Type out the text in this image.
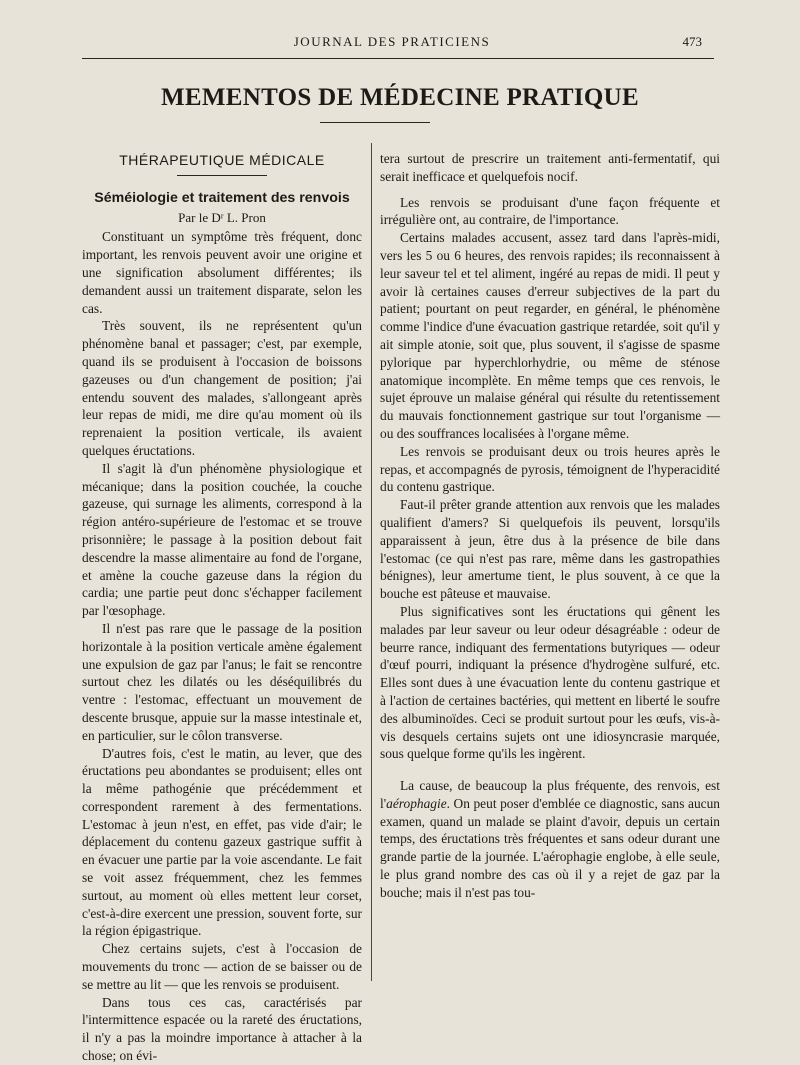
JOURNAL DES PRATICIENS	473
MEMENTOS DE MÉDECINE PRATIQUE
THÉRAPEUTIQUE MÉDICALE
Séméiologie et traitement des renvois
Par le Dʳ L. Pron

Constituant un symptôme très fréquent, donc important, les renvois peuvent avoir une origine et une signification absolument différentes; ils demandent aussi un traitement disparate, selon les cas.

Très souvent, ils ne représentent qu'un phénomène banal et passager; c'est, par exemple, quand ils se produisent à l'occasion de boissons gazeuses ou d'un changement de position; j'ai entendu souvent des malades, s'allongeant après leur repas de midi, me dire qu'au moment où ils reprenaient la position verticale, ils avaient quelques éructations.

Il s'agit là d'un phénomène physiologique et mécanique; dans la position couchée, la couche gazeuse, qui surnage les aliments, correspond à la région antéro-supérieure de l'estomac et se trouve prisonnière; le passage à la position debout fait descendre la masse alimentaire au fond de l'organe, et amène la couche gazeuse dans la région du cardia; une partie peut donc s'échapper facilement par l'œsophage.

Il n'est pas rare que le passage de la position horizontale à la position verticale amène également une expulsion de gaz par l'anus; le fait se rencontre surtout chez les dilatés ou les déséquilibrés du ventre : l'estomac, effectuant un mouvement de descente brusque, appuie sur la masse intestinale et, en particulier, sur le côlon transverse.

D'autres fois, c'est le matin, au lever, que des éructations peu abondantes se produisent; elles ont la même pathogénie que précédemment et correspondent rarement à des fermentations. L'estomac à jeun n'est, en effet, pas vide d'air; le déplacement du contenu gazeux gastrique suffit à en évacuer une partie par la voie ascendante. Le fait se voit assez fréquemment, chez les femmes surtout, au moment où elles mettent leur corset, c'est-à-dire exercent une pression, souvent forte, sur la région épigastrique.

Chez certains sujets, c'est à l'occasion de mouvements du tronc — action de se baisser ou de se mettre au lit — que les renvois se produisent.

Dans tous ces cas, caractérisés par l'intermittence espacée ou la rareté des éructations, il n'y a pas la moindre importance à attacher à la chose; on évi-

tera surtout de prescrire un traitement anti-fermentatif, qui serait inefficace et quelquefois nocif.

Les renvois se produisant d'une façon fréquente et irrégulière ont, au contraire, de l'importance.

Certains malades accusent, assez tard dans l'après-midi, vers les 5 ou 6 heures, des renvois rapides; ils reconnaissent à leur saveur tel et tel aliment, ingéré au repas de midi. Il peut y avoir là certaines causes d'erreur subjectives de la part du patient; pourtant on peut regarder, en général, le phénomène comme l'indice d'une évacuation gastrique retardée, soit qu'il y ait simple atonie, soit que, plus souvent, il s'agisse de spasme pylorique par hyperchlorhydrie, ou même de sténose anatomique incomplète. En même temps que ces renvois, le sujet éprouve un malaise général qui résulte du retentissement du mauvais fonctionnement gastrique sur tout l'organisme — ou des souffrances localisées à l'organe même.

Les renvois se produisant deux ou trois heures après le repas, et accompagnés de pyrosis, témoignent de l'hyperacidité du contenu gastrique.

Faut-il prêter grande attention aux renvois que les malades qualifient d'amers? Si quelquefois ils peuvent, lorsqu'ils apparaissent à jeun, être dus à la présence de bile dans l'estomac (ce qui n'est pas rare, même dans les gastropathies bénignes), leur amertume tient, le plus souvent, à ce que la bouche est pâteuse et mauvaise.

Plus significatives sont les éructations qui gênent les malades par leur saveur ou leur odeur désagréable : odeur de beurre rance, indiquant des fermentations butyriques — odeur d'œuf pourri, indiquant la présence d'hydrogène sulfuré, etc. Elles sont dues à une évacuation lente du contenu gastrique et à l'action de certaines bactéries, qui mettent en liberté le soufre des albuminoïdes. Ceci se produit surtout pour les œufs, vis-à-vis desquels certains sujets ont une idiosyncrasie marquée, sous quelque forme qu'ils les ingèrent.

La cause, de beaucoup la plus fréquente, des renvois, est l'aérophagie. On peut poser d'emblée ce diagnostic, sans aucun examen, quand un malade se plaint d'avoir, depuis un certain temps, des éructations très fréquentes et sans odeur durant une grande partie de la journée. L'aérophagie englobe, à elle seule, le plus grand nombre des cas où il y a rejet de gaz par la bouche; mais il n'est pas tou-
